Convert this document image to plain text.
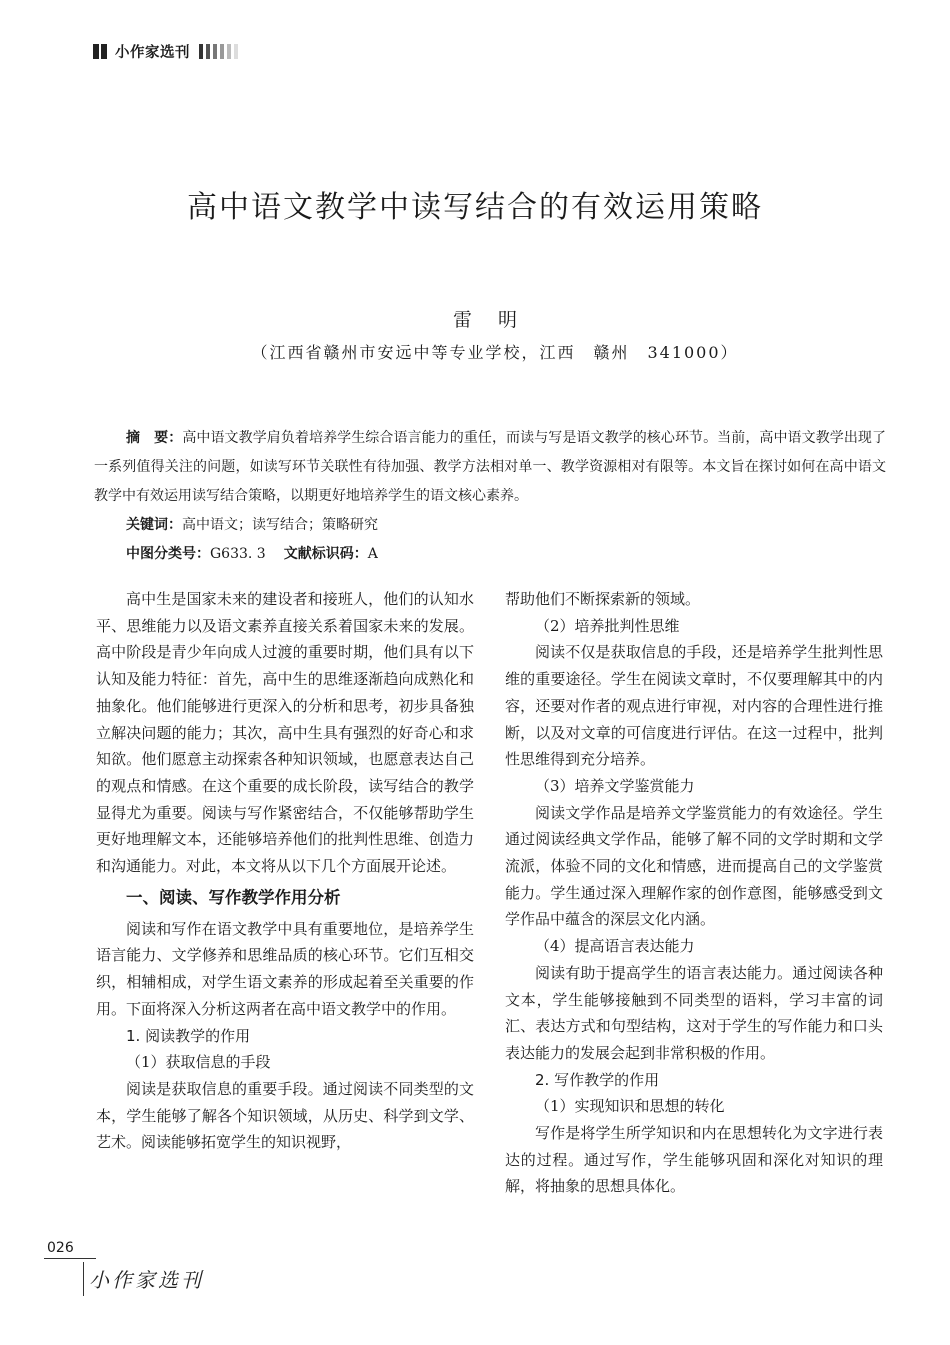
小作家选刊
高中语文教学中读写结合的有效运用策略
雷 明
（江西省赣州市安远中等专业学校，江西　赣州　341000）

摘　要：高中语文教学肩负着培养学生综合语言能力的重任，而读与写是语文教学的核心环节。当前，高中语文教学出现了一系列值得关注的问题，如读写环节关联性有待加强、教学方法相对单一、教学资源相对有限等。本文旨在探讨如何在高中语文教学中有效运用读写结合策略，以期更好地培养学生的语文核心素养。

关键词：高中语文；读写结合；策略研究

中图分类号：G633. 3 文献标识码：A

高中生是国家未来的建设者和接班人，他们的认知水平、思维能力以及语文素养直接关系着国家未来的发展。高中阶段是青少年向成人过渡的重要时期，他们具有以下认知及能力特征：首先，高中生的思维逐渐趋向成熟化和抽象化。他们能够进行更深入的分析和思考，初步具备独立解决问题的能力；其次，高中生具有强烈的好奇心和求知欲。他们愿意主动探索各种知识领域，也愿意表达自己的观点和情感。在这个重要的成长阶段，读写结合的教学显得尤为重要。阅读与写作紧密结合，不仅能够帮助学生更好地理解文本，还能够培养他们的批判性思维、创造力和沟通能力。对此，本文将从以下几个方面展开论述。

一、阅读、写作教学作用分析

阅读和写作在语文教学中具有重要地位，是培养学生语言能力、文学修养和思维品质的核心环节。它们互相交织，相辅相成，对学生语文素养的形成起着至关重要的作用。下面将深入分析这两者在高中语文教学中的作用。

1. 阅读教学的作用

（1）获取信息的手段

阅读是获取信息的重要手段。通过阅读不同类型的文本，学生能够了解各个知识领域，从历史、科学到文学、艺术。阅读能够拓宽学生的知识视野，

帮助他们不断探索新的领域。

（2）培养批判性思维

阅读不仅是获取信息的手段，还是培养学生批判性思维的重要途径。学生在阅读文章时，不仅要理解其中的内容，还要对作者的观点进行审视，对内容的合理性进行推断，以及对文章的可信度进行评估。在这一过程中，批判性思维得到充分培养。

（3）培养文学鉴赏能力

阅读文学作品是培养文学鉴赏能力的有效途径。学生通过阅读经典文学作品，能够了解不同的文学时期和文学流派，体验不同的文化和情感，进而提高自己的文学鉴赏能力。学生通过深入理解作家的创作意图，能够感受到文学作品中蕴含的深层文化内涵。

（4）提高语言表达能力

阅读有助于提高学生的语言表达能力。通过阅读各种文本，学生能够接触到不同类型的语料，学习丰富的词汇、表达方式和句型结构，这对于学生的写作能力和口头表达能力的发展会起到非常积极的作用。

2. 写作教学的作用

（1）实现知识和思想的转化

写作是将学生所学知识和内在思想转化为文字进行表达的过程。通过写作，学生能够巩固和深化对知识的理解，将抽象的思想具体化。

026
小作家选刊
